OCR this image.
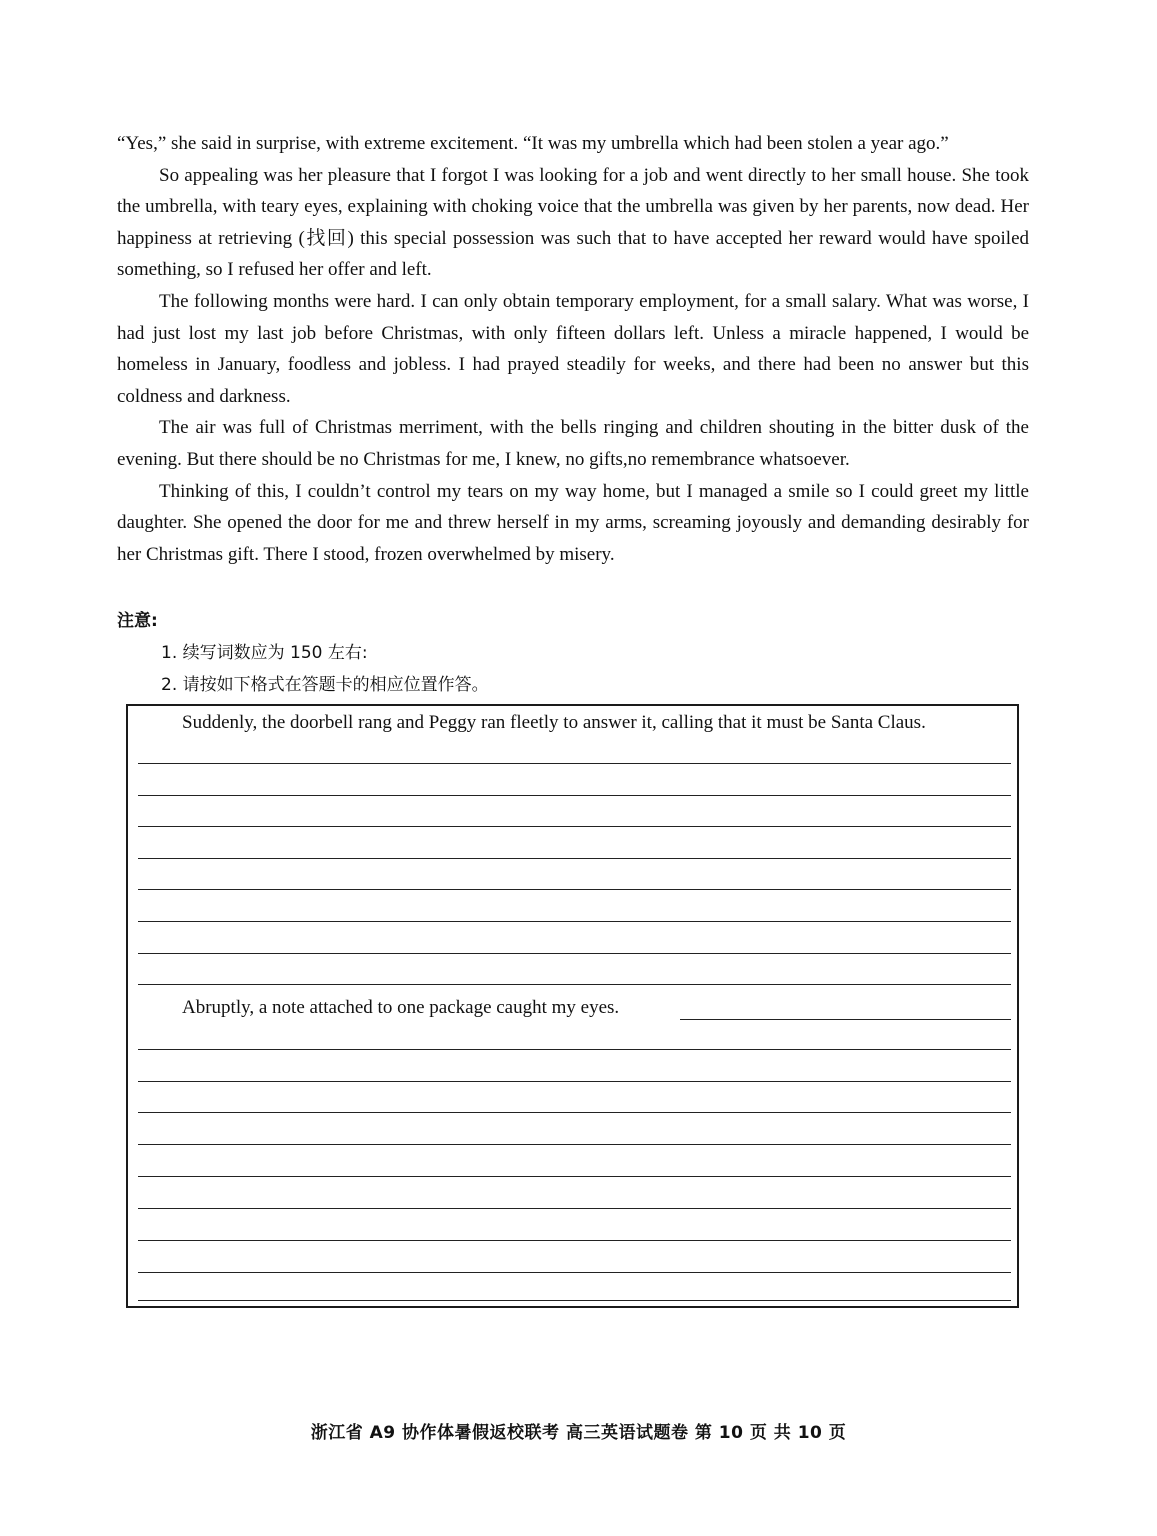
“Yes,” she said in surprise, with extreme excitement. “It was my umbrella which had been stolen a year ago.”

So appealing was her pleasure that I forgot I was looking for a job and went directly to her small house. She took the umbrella, with teary eyes, explaining with choking voice that the umbrella was given by her parents, now dead. Her happiness at retrieving (找回) this special possession was such that to have accepted her reward would have spoiled something, so I refused her offer and left.

The following months were hard. I can only obtain temporary employment, for a small salary. What was worse, I had just lost my last job before Christmas, with only fifteen dollars left. Unless a miracle happened, I would be homeless in January, foodless and jobless. I had prayed steadily for weeks, and there had been no answer but this coldness and darkness.

The air was full of Christmas merriment, with the bells ringing and children shouting in the bitter dusk of the evening. But there should be no Christmas for me, I knew, no gifts,no remembrance whatsoever.

Thinking of this, I couldn’t control my tears on my way home, but I managed a smile so I could greet my little daughter. She opened the door for me and threw herself in my arms, screaming joyously and demanding desirably for her Christmas gift. There I stood, frozen overwhelmed by misery.

注意:
1. 续写词数应为 150 左右:
2. 请按如下格式在答题卡的相应位置作答。
Suddenly, the doorbell rang and Peggy ran fleetly to answer it, calling that it must be Santa Claus.
Abruptly, a note attached to one package caught my eyes.
浙江省 A9 协作体暑假返校联考 高三英语试题卷 第 10 页 共 10 页
